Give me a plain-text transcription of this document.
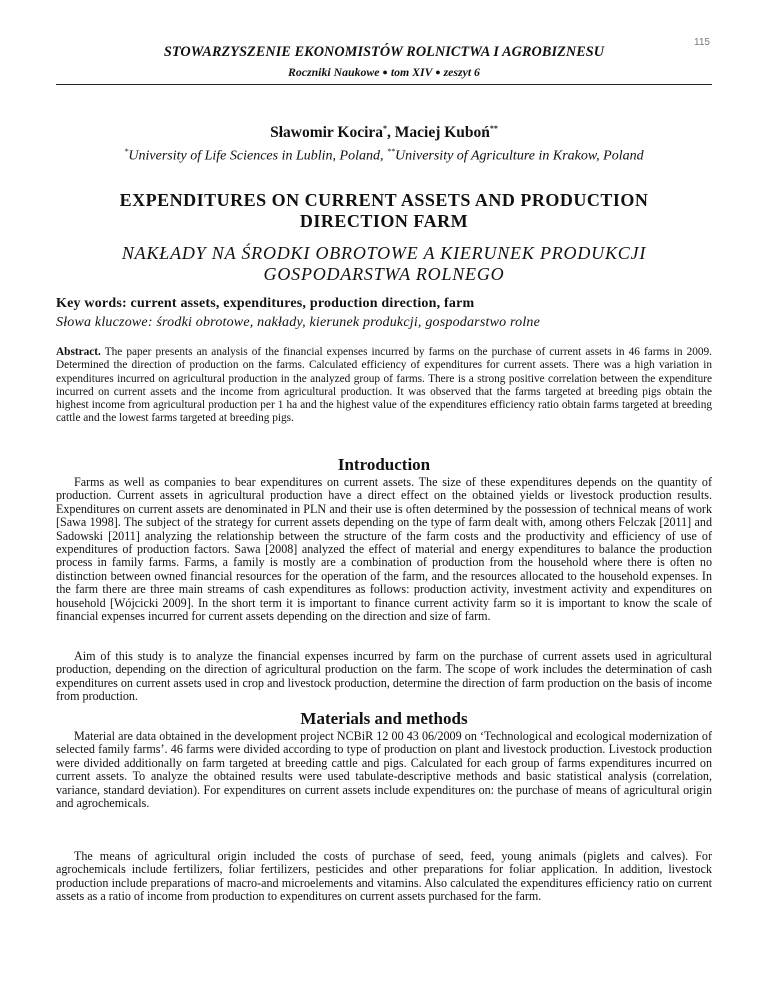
115
STOWARZYSZENIE EKONOMISTÓW ROLNICTWA I AGROBIZNESU
Roczniki Naukowe ● tom XIV ● zeszyt 6
Sławomir Kocira*, Maciej Kuboń**
*University of Life Sciences in Lublin, Poland, **University of Agriculture in Krakow, Poland
EXPENDITURES ON CURRENT ASSETS AND PRODUCTION
DIRECTION FARM
NAKŁADY NA ŚRODKI OBROTOWE A KIERUNEK PRODUKCJI
GOSPODARSTWA ROLNEGO
Key words: current assets, expenditures, production direction, farm
Słowa kluczowe: środki obrotowe, nakłady, kierunek produkcji, gospodarstwo rolne
Abstract. The paper presents an analysis of the financial expenses incurred by farms on the purchase of current assets in 46 farms in 2009. Determined the direction of production on the farms. Calculated efficiency of expenditures for current assets. There was a high variation in expenditures incurred on agricultural production in the analyzed group of farms. There is a strong positive correlation between the expenditure incurred on current assets and the income from agricultural production. It was observed that the farms targeted at breeding pigs obtain the highest income from agricultural production per 1 ha and the highest value of the expenditures efficiency ratio obtain farms targeted at breeding cattle and the lowest farms targeted at breeding pigs.
Introduction
Farms as well as companies to bear expenditures on current assets. The size of these expenditures depends on the quantity of production. Current assets in agricultural production have a direct effect on the obtained yields or livestock production results. Expenditures on current assets are denominated in PLN and their use is often determined by the possession of technical means of work [Sawa 1998]. The subject of the strategy for current assets depending on the type of farm dealt with, among others Felczak [2011] and Sadowski [2011] analyzing the relationship between the structure of the farm costs and the productivity and efficiency of use of expenditures of production factors. Sawa [2008] analyzed the effect of material and energy expenditures to balance the production process in family farms. Farms, a family is mostly are a combination of production from the household where there is often no distinction between owned financial resources for the operation of the farm, and the resources allocated to the household expenses. In the farm there are three main streams of cash expenditures as follows: production activity, investment activity and expenditures on household [Wójcicki 2009]. In the short term it is important to finance current activity farm so it is important to know the scale of financial expenses incurred for current assets depending on the direction and size of farm.
Aim of this study is to analyze the financial expenses incurred by farm on the purchase of current assets used in agricultural production, depending on the direction of agricultural production on the farm. The scope of work includes the determination of cash expenditures on current assets used in crop and livestock production, determine the direction of farm production on the basis of income from production.
Materials and methods
Material are data obtained in the development project NCBiR 12 00 43 06/2009 on ‘Technological and ecological modernization of selected family farms’. 46 farms were divided according to type of production on plant and livestock production. Livestock production were divided additionally on farm targeted at breeding cattle and pigs. Calculated for each group of farms expenditures incurred on current assets. To analyze the obtained results were used tabulate-descriptive methods and basic statistical analysis (correlation, variance, standard deviation). For expenditures on current assets include expenditures on: the purchase of means of agricultural origin and agrochemicals.
The means of agricultural origin included the costs of purchase of seed, feed, young animals (piglets and calves). For agrochemicals include fertilizers, foliar fertilizers, pesticides and other preparations for foliar application. In addition, livestock production include preparations of macro-and microelements and vitamins. Also calculated the expenditures efficiency ratio on current assets as a ratio of income from production to expenditures on current assets purchased for the farm.
